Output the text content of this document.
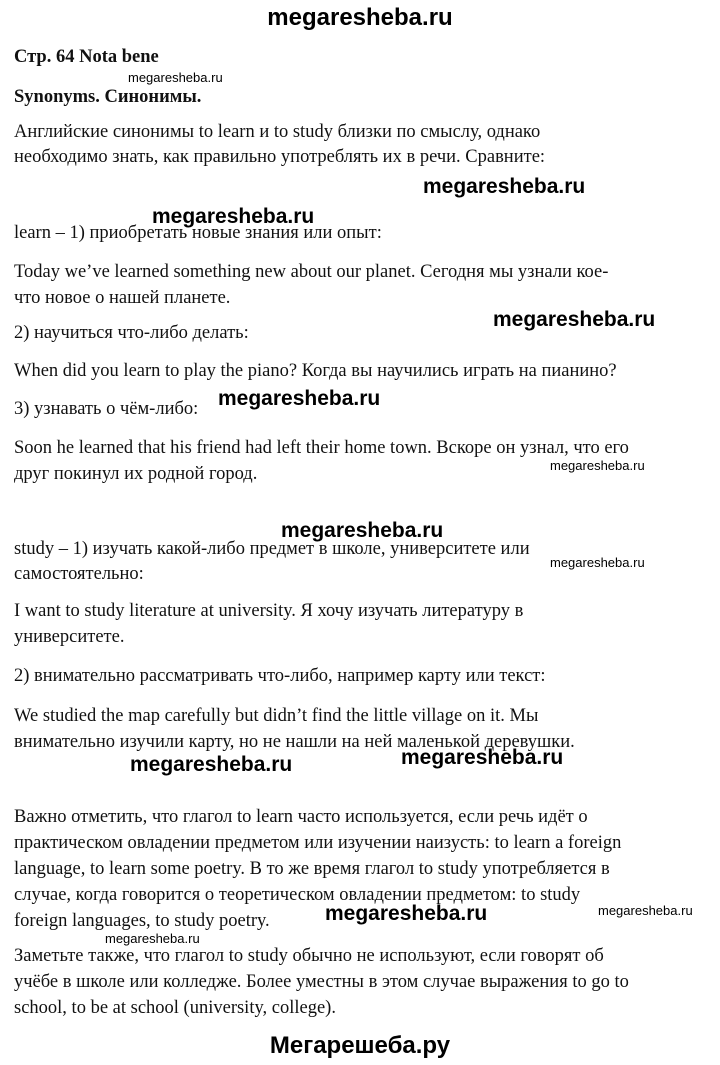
megaresheba.ru
Стр. 64 Nota bene
Synonyms. Синонимы.
Английские синонимы to learn и to study близки по смыслу, однако
необходимо знать, как правильно употреблять их в речи. Сравните:
learn – 1) приобретать новые знания или опыт:
Today we’ve learned something new about our planet. Сегодня мы узнали кое-
что новое о нашей планете.
2) научиться что-либо делать:
When did you learn to play the piano? Когда вы научились играть на пианино?
3) узнавать о чём-либо:
Soon he learned that his friend had left their home town. Вскоре он узнал, что его
друг покинул их родной город.
study – 1) изучать какой-либо предмет в школе, университете или
самостоятельно:
I want to study literature at university. Я хочу изучать литературу в
университете.
2) внимательно рассматривать что-либо, например карту или текст:
We studied the map carefully but didn’t find the little village on it. Мы
внимательно изучили карту, но не нашли на ней маленькой деревушки.
Важно отметить, что глагол to learn часто используется, если речь идёт о
практическом овладении предметом или изучении наизусть: to learn a foreign
language, to learn some poetry. В то же время глагол to study употребляется в
случае, когда говорится о теоретическом овладении предметом: to study
foreign languages, to study poetry.
Заметьте также, что глагол to study обычно не используют, если говорят об
учёбе в школе или колледже. Более уместны в этом случае выражения to go to
school, to be at school (university, college).
megaresheba.ru
megaresheba.ru
megaresheba.ru
megaresheba.ru
megaresheba.ru
megaresheba.ru
megaresheba.ru
megaresheba.ru
megaresheba.ru	megaresheba.ru
megaresheba.ru	megaresheba.ru
megaresheba.ru
Мегарешеба.ру
